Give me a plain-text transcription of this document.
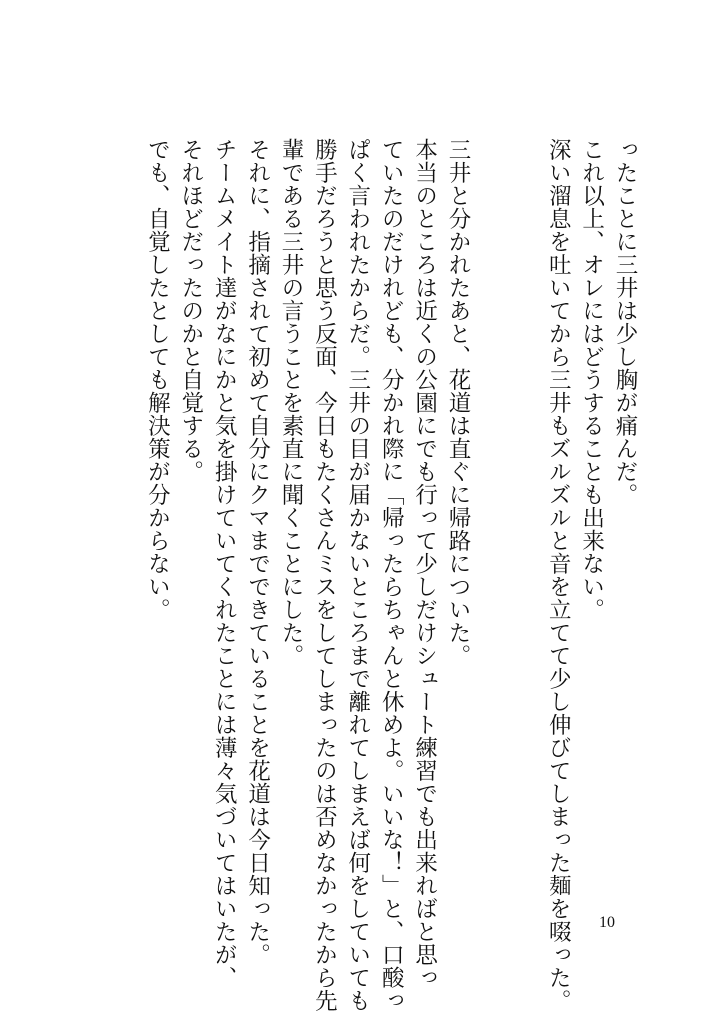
ったことに三井は少し胸が痛んだ。
これ以上、オレにはどうすることも出来ない。
深い溜息を吐いてから三井もズルズルと音を立てて少し伸びてしまった麺を啜った。
三井と分かれたあと、花道は直ぐに帰路についた。
本当のところは近くの公園にでも行って少しだけシュート練習でも出来ればと思っ
ていたのだけれども、分かれ際に「帰ったらちゃんと休めよ。いいな！」と、口酸っ
ぱく言われたからだ。三井の目が届かないところまで離れてしまえば何をしていても
勝手だろうと思う反面、今日もたくさんミスをしてしまったのは否めなかったから先
輩である三井の言うことを素直に聞くことにした。
それに、指摘されて初めて自分にクマまでできていることを花道は今日知った。
チームメイト達がなにかと気を掛けていてくれたことには薄々気づいてはいたが、
それほどだったのかと自覚する。
でも、自覚したとしても解決策が分からない。
10
